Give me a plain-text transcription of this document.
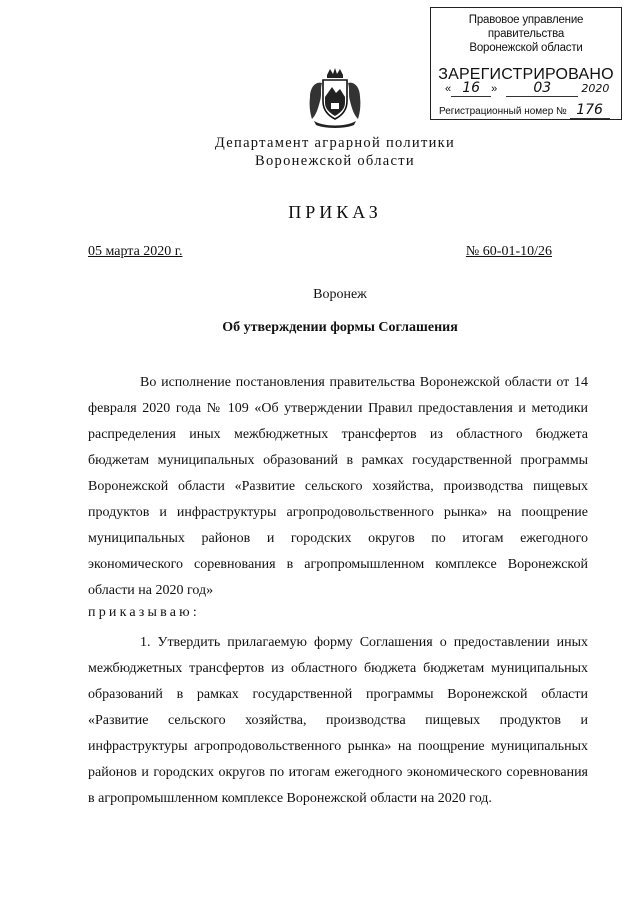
Правовое управление правительства
Воронежской области
ЗАРЕГИСТРИРОВАНО
« 16 » 03	2020
Регистрационный номер № 176
Департамент аграрной политики
Воронежской области
ПРИКАЗ
05 марта 2020 г.	№ 60-01-10/26
Воронеж
Об утверждении формы Соглашения
Во исполнение постановления правительства Воронежской области от 14 февраля 2020 года № 109 «Об утверждении Правил предоставления и методики распределения иных межбюджетных трансфертов из областного бюджета бюджетам муниципальных образований в рамках государственной программы Воронежской области «Развитие сельского хозяйства, производства пищевых продуктов и инфраструктуры агропродовольственного рынка» на поощрение муниципальных районов и городских округов по итогам ежегодного экономического соревнования в агропромышленном комплексе Воронежской области на 2020 год»
приказываю:
1. Утвердить прилагаемую форму Соглашения о предоставлении иных межбюджетных трансфертов из областного бюджета бюджетам муниципальных образований в рамках государственной программы Воронежской области «Развитие сельского хозяйства, производства пищевых продуктов и инфраструктуры агропродовольственного рынка» на поощрение муниципальных районов и городских округов по итогам ежегодного экономического соревнования в агропромышленном комплексе Воронежской области на 2020 год.
